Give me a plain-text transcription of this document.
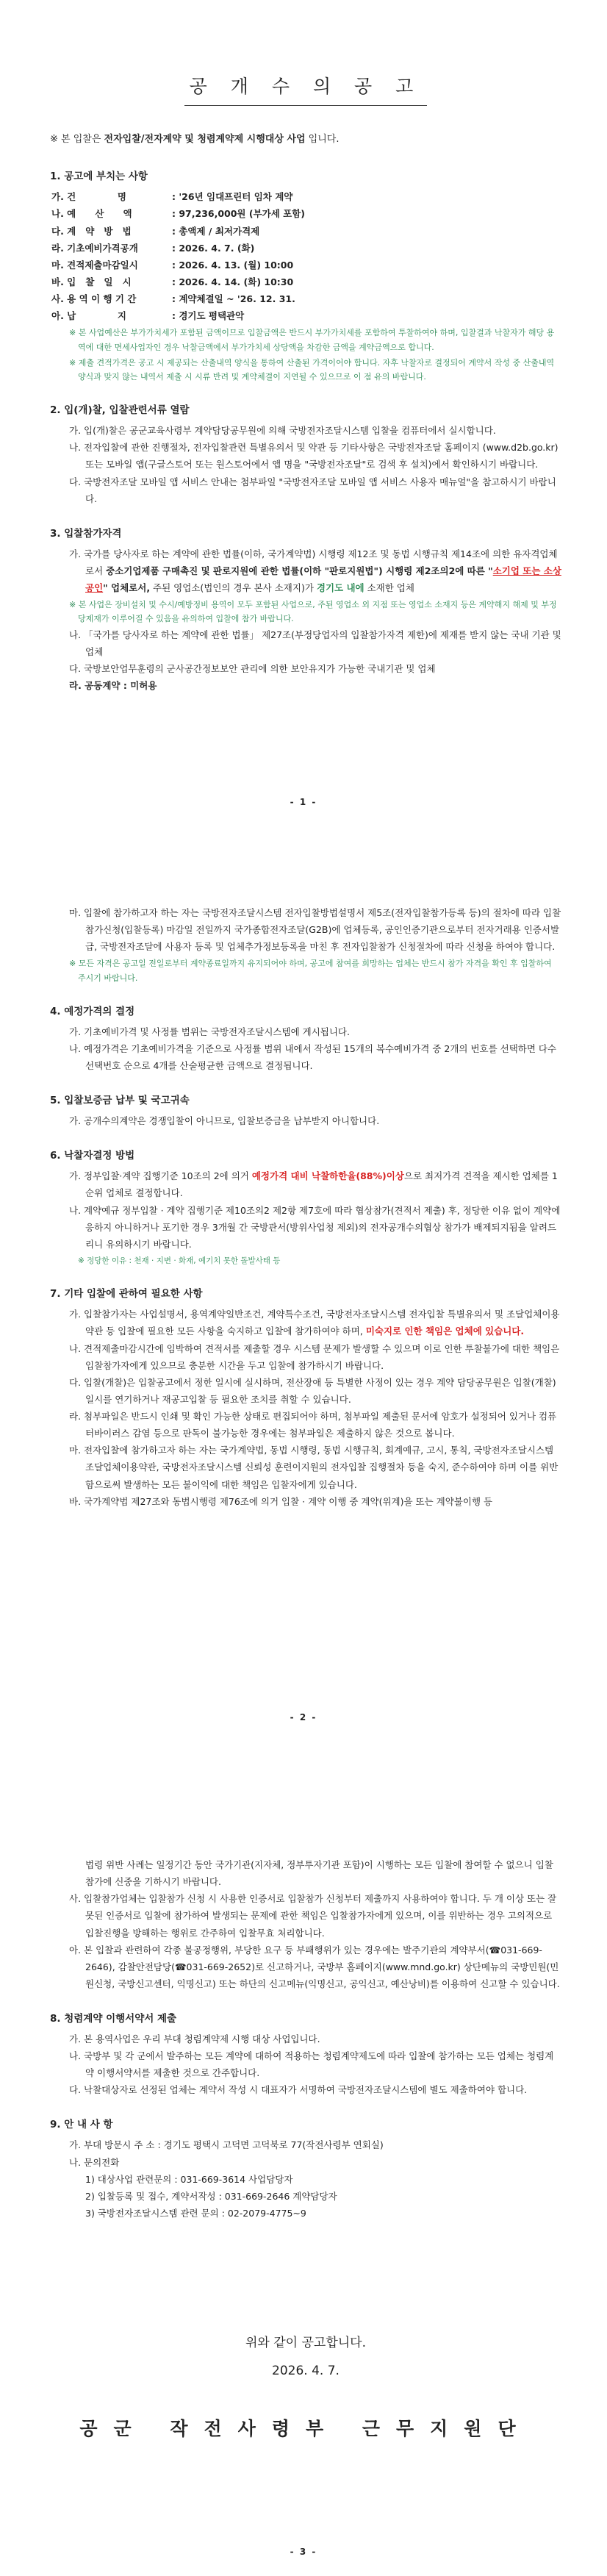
공 개 수 의 공 고

※ 본 입찰은 전자입찰/전자계약 및 청렴계약제 시행대상 사업 입니다.

1. 공고에 부치는 사항

가. 건             명	: '26년 임대프린터 임차 계약
나. 예      산      액	: 97,236,000원 (부가세 포함)
다. 계   약   방   법	: 총액제 / 최저가격제
라. 기초예비가격공개	: 2026. 4. 7. (화)
마. 견적제출마감일시	: 2026. 4. 13. (월) 10:00
바. 입   찰   일   시	: 2026. 4. 14. (화) 10:30
사. 용 역 이 행 기 간	: 계약체결일 ~ '26. 12. 31.
아. 납             지	: 경기도 평택관악

※ 본 사업예산은 부가가치세가 포함된 금액이므로 입찰금액은 반드시 부가가치세를 포함하여 투찰하여야 하며, 입찰결과 낙찰자가 해당 용역에 대한 면세사업자인 경우 낙찰금액에서 부가가치세 상당액을 차감한 금액을 계약금액으로 합니다.

※ 제출 견적가격은 공고 시 제공되는 산출내역 양식을 통하여 산출된 가격이어야 합니다. 자후 낙찰자로 결정되어 계약서 작성 중 산출내역 양식과 맞지 않는 내역서 제출 시 시류 반려 및 계약체결이 지연될 수 있으므로 이 점 유의 바랍니다.

2. 입(개)찰, 입찰관련서류 열람

가. 입(개)찰은 공군교육사령부 계약담당공무원에 의해 국방전자조달시스템 입찰을 컴퓨터에서 실시합니다.

나. 전자입찰에 관한 진행절차, 전자입찰관련 특별유의서 및 약관 등 기타사항은 국방전자조달 홈페이지 (www.d2b.go.kr) 또는 모바일 앱(구글스토어 또는 원스토어에서 앱 명을 "국방전자조달"로 검색 후 설치)에서 확인하시기 바랍니다.

다. 국방전자조달 모바일 앱 서비스 안내는 첨부파일 "국방전자조달 모바일 앱 서비스 사용자 매뉴얼"을 참고하시기 바랍니다.

3. 입찰참가자격

가. 국가를 당사자로 하는 계약에 관한 법률(이하, 국가계약법) 시행령 제12조 및 동법 시행규칙 제14조에 의한 유자격업체로서 중소기업제품 구매촉진 및 판로지원에 관한 법률(이하 "판로지원법") 시행령 제2조의2에 따른 "소기업 또는 소상공인" 업체로서, 주된 영업소(법인의 경우 본사 소재지)가 경기도 내에 소재한 업체

※ 본 사업은 장비설치 및 수시/예방정비 용역이 모두 포함된 사업으로, 주된 영업소 외 지점 또는 영업소 소재지 등은 계약해지 해제 및 부정당제재가 이루어질 수 있음을 유의하여 입찰에 참가 바랍니다.

나. 「국가를 당사자로 하는 계약에 관한 법률」 제27조(부정당업자의 입찰참가자격 제한)에 제재를 받지 않는 국내 기관 및 업체

다. 국방보안업무훈령의 군사공간정보보안 관리에 의한 보안유지가 가능한 국내기관 및 업체

라. 공동계약 : 미허용

- 1 -

마. 입찰에 참가하고자 하는 자는 국방전자조달시스템 전자입찰방법설명서 제5조(전자입찰참가등록 등)의 절차에 따라 입찰참가신청(입찰등록) 마감일 전일까지 국가종합전자조달(G2B)에 업체등록, 공인인증기관으로부터 전자거래용 인증서발급, 국방전자조달에 사용자 등록 및 업체추가정보등록을 마친 후 전자입찰참가 신청절차에 따라 신청을 하여야 합니다.

※ 모든 자격은 공고일 전일로부터 계약종료일까지 유지되어야 하며, 공고에 참여를 희망하는 업체는 반드시 참가 자격을 확인 후 입찰하여 주시기 바랍니다.

4. 예정가격의 결정

가. 기초예비가격 및 사정률 범위는 국방전자조달시스템에 게시됩니다.

나. 예정가격은 기초예비가격을 기준으로 사정률 범위 내에서 작성된 15개의 복수예비가격 중 2개의 번호를 선택하면 다수 선택번호 순으로 4개를 산술평균한 금액으로 결정됩니다.

5. 입찰보증금 납부 및 국고귀속

가. 공개수의계약은 경쟁입찰이 아니므로, 입찰보증금을 납부받지 아니합니다.

6. 낙찰자결정 방법

가. 정부입찰·계약 집행기준 10조의 2에 의거 예정가격 대비 낙찰하한율(88%)이상으로 최저가격 견적을 제시한 업체를 1순위 업체로 결정합니다.

나. 계약예규 정부입찰 · 계약 집행기준 제10조의2 제2항 제7호에 따라 협상참가(견적서 제출) 후, 정당한 이유 없이 계약에 응하지 아니하거나 포기한 경우 3개월 간 국방관서(방위사업청 제외)의 전자공개수의협상 참가가 배제되지됨을 알려드리니 유의하시기 바랍니다.

※ 정당한 이유 : 천재 · 지변 · 화재, 예기치 못한 돌발사태 등

7. 기타 입찰에 관하여 필요한 사항

가. 입찰참가자는 사업설명서, 용역계약일반조건, 계약특수조건, 국방전자조달시스템 전자입찰 특별유의서 및 조달업체이용약관 등 입찰에 필요한 모든 사항을 숙지하고 입찰에 참가하여야 하며, 미숙지로 인한 책임은 업체에 있습니다.

나. 견적제출마감시간에 임박하여 견적서를 제출할 경우 시스템 문제가 발생할 수 있으며 이로 인한 투찰불가에 대한 책임은 입찰참가자에게 있으므로 충분한 시간을 두고 입찰에 참가하시기 바랍니다.

다. 입찰(개찰)은 입찰공고에서 정한 일시에 실시하며, 전산장애 등 특별한 사정이 있는 경우 계약 담당공무원은 입찰(개찰)일시를 연기하거나 재공고입찰 등 필요한 조치를 취할 수 있습니다.

라. 첨부파일은 반드시 인쇄 및 확인 가능한 상태로 편집되어야 하며, 첨부파일 제출된 문서에 암호가 설정되어 있거나 컴퓨터바이러스 감염 등으로 판독이 불가능한 경우에는 첨부파일은 제출하지 않은 것으로 봅니다.

마. 전자입찰에 참가하고자 하는 자는 국가계약법, 동법 시행령, 동법 시행규칙, 회계예규, 고시, 통칙, 국방전자조달시스템 조달업체이용약관, 국방전자조달시스템 신뢰성 훈련이지원의 전자입찰 집행절차 등을 숙지, 준수하여야 하며 이를 위반함으로써 발생하는 모든 불이익에 대한 책임은 입찰자에게 있습니다.

바. 국가계약법 제27조와 동법시행령 제76조에 의거 입찰 · 계약 이행 중 계약(위계)을 또는 계약불이행 등

- 2 -

법령 위반 사례는 일정기간 동안 국가기관(지자체, 정부투자기관 포함)이 시행하는 모든 입찰에 참여할 수 없으니 입찰 참가에 신중을 기하시기 바랍니다.

사. 입찰참가업체는 입찰참가 신청 시 사용한 인증서로 입찰참가 신청부터 제출까지 사용하여야 합니다. 두 개 이상 또는 잘못된 인증서로 입찰에 참가하여 발생되는 문제에 관한 책임은 입찰참가자에게 있으며, 이를 위반하는 경우 고의적으로 입찰진행을 방해하는 행위로 간주하여 입찰무효 처리합니다.

아. 본 입찰과 관련하여 각종 불공정행위, 부당한 요구 등 부패행위가 있는 경우에는 발주기관의 계약부서(☎031-669-2646), 감찰안전담당(☎031-669-2652)로 신고하거나, 국방부 홈페이지(www.mnd.go.kr) 상단메뉴의 국방민원(민원신청, 국방신고센터, 익명신고) 또는 하단의 신고메뉴(익명신고, 공익신고, 예산낭비)를 이용하여 신고할 수 있습니다.

8. 청렴계약 이행서약서 제출

가. 본 용역사업은 우리 부대 청렴계약제 시행 대상 사업입니다.

나. 국방부 및 각 군에서 발주하는 모든 계약에 대하여 적용하는 청렴계약제도에 따라 입찰에 참가하는 모든 업체는 청렴계약 이행서약서를 제출한 것으로 간주합니다.

다. 낙찰대상자로 선정된 업체는 계약서 작성 시 대표자가 서명하여 국방전자조달시스템에 별도 제출하여야 합니다.

9. 안 내 사 항

가. 부대 방문시 주 소 : 경기도 평택시 고덕면 고덕북로 77(작전사령부 연회실)

나. 문의전화

1) 대상사업 관련문의 : 031-669-3614 사업담당자

2) 입찰등록 및 접수, 계약서작성 : 031-669-2646 계약담당자

3) 국방전자조달시스템 관련 문의 : 02-2079-4775~9

위와 같이 공고합니다.

2026. 4. 7.

공군 작전사령부 근무지원단

- 3 -
